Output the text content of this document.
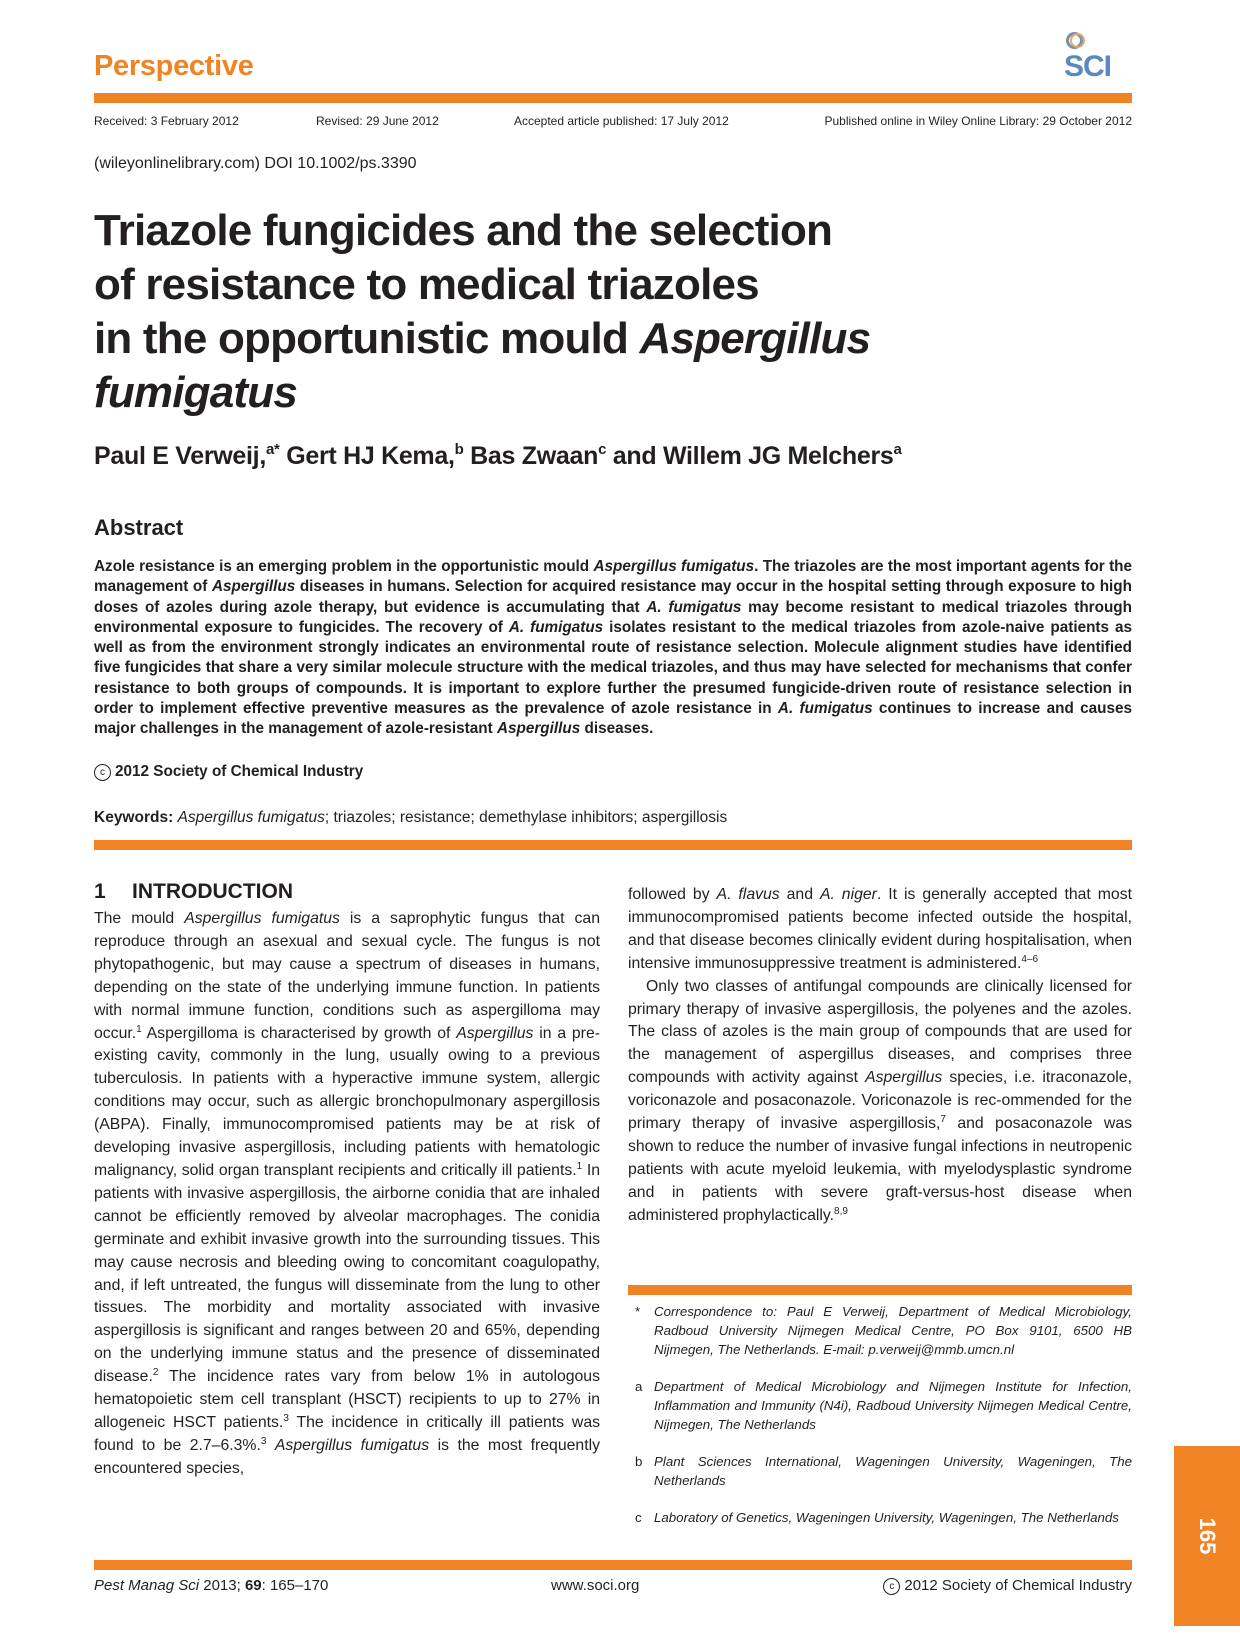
Perspective	SCI
Received: 3 February 2012	Revised: 29 June 2012	Accepted article published: 17 July 2012	Published online in Wiley Online Library: 29 October 2012
(wileyonlinelibrary.com) DOI 10.1002/ps.3390
Triazole fungicides and the selection
of resistance to medical triazoles
in the opportunistic mould Aspergillus
fumigatus
Paul E Verweij,$^{a*}$ Gert HJ Kema,$^b$ Bas Zwaan$^c$ and Willem JG Melchers$^a$
Abstract
Azole resistance is an emerging problem in the opportunistic mould Aspergillus fumigatus. The triazoles are the most important agents for the management of Aspergillus diseases in humans. Selection for acquired resistance may occur in the hospital setting through exposure to high doses of azoles during azole therapy, but evidence is accumulating that A. fumigatus may become resistant to medical triazoles through environmental exposure to fungicides. The recovery of A. fumigatus isolates resistant to the medical triazoles from azole-naive patients as well as from the environment strongly indicates an environmental route of resistance selection. Molecule alignment studies have identified five fungicides that share a very similar molecule structure with the medical triazoles, and thus may have selected for mechanisms that confer resistance to both groups of compounds. It is important to explore further the presumed fungicide-driven route of resistance selection in order to implement effective preventive measures as the prevalence of azole resistance in A. fumigatus continues to increase and causes major challenges in the management of azole-resistant Aspergillus diseases.
c 2012 Society of Chemical Industry
Keywords: Aspergillus fumigatus; triazoles; resistance; demethylase inhibitors; aspergillosis
1 INTRODUCTION

The mould Aspergillus fumigatus is a saprophytic fungus that can reproduce through an asexual and sexual cycle. The fungus is not phytopathogenic, but may cause a spectrum of diseases in humans, depending on the state of the underlying immune function. In patients with normal immune function, conditions such as aspergilloma may occur.$^1$ Aspergilloma is characterised by growth of Aspergillus in a pre-existing cavity, commonly in the lung, usually owing to a previous tuberculosis. In patients with a hyperactive immune system, allergic conditions may occur, such as allergic bronchopulmonary aspergillosis (ABPA). Finally, immunocompromised patients may be at risk of developing invasive aspergillosis, including patients with hematologic malignancy, solid organ transplant recipients and critically ill patients.$^1$ In patients with invasive aspergillosis, the airborne conidia that are inhaled cannot be efficiently removed by alveolar macrophages. The conidia germinate and exhibit invasive growth into the surrounding tissues. This may cause necrosis and bleeding owing to concomitant coagulopathy, and, if left untreated, the fungus will disseminate from the lung to other tissues. The morbidity and mortality associated with invasive aspergillosis is significant and ranges between 20 and 65%, depending on the underlying immune status and the presence of disseminated disease.$^2$ The incidence rates vary from below 1% in autologous hematopoietic stem cell transplant (HSCT) recipients to up to 27% in allogeneic HSCT patients.$^3$ The incidence in critically ill patients was found to be 2.7–6.3%.$^3$ Aspergillus fumigatus is the most frequently encountered species,

followed by A. flavus and A. niger. It is generally accepted that most immunocompromised patients become infected outside the hospital, and that disease becomes clinically evident during hospitalisation, when intensive immunosuppressive treatment is administered.$^{4-6}$

Only two classes of antifungal compounds are clinically licensed for primary therapy of invasive aspergillosis, the polyenes and the azoles. The class of azoles is the main group of compounds that are used for the management of aspergillus diseases, and comprises three compounds with activity against Aspergillus species, i.e. itraconazole, voriconazole and posaconazole. Voriconazole is rec-ommended for the primary therapy of invasive aspergillosis,$^7$ and posaconazole was shown to reduce the number of invasive fungal infections in neutropenic patients with acute myeloid leukemia, with myelodysplastic syndrome and in patients with severe graft-versus-host disease when administered prophylactically.$^{8,9}$

* Correspondence to: Paul E Verweij, Department of Medical Microbiology, Radboud University Nijmegen Medical Centre, PO Box 9101, 6500 HB Nijmegen, The Netherlands. E-mail: p.verweij@mmb.umcn.nl
a Department of Medical Microbiology and Nijmegen Institute for Infection, Inflammation and Immunity (N4i), Radboud University Nijmegen Medical Centre, Nijmegen, The Netherlands
b Plant Sciences International, Wageningen University, Wageningen, The Netherlands
c Laboratory of Genetics, Wageningen University, Wageningen, The Netherlands
165
Pest Manag Sci 2013; 69: 165–170	www.soci.org	c 2012 Society of Chemical Industry
